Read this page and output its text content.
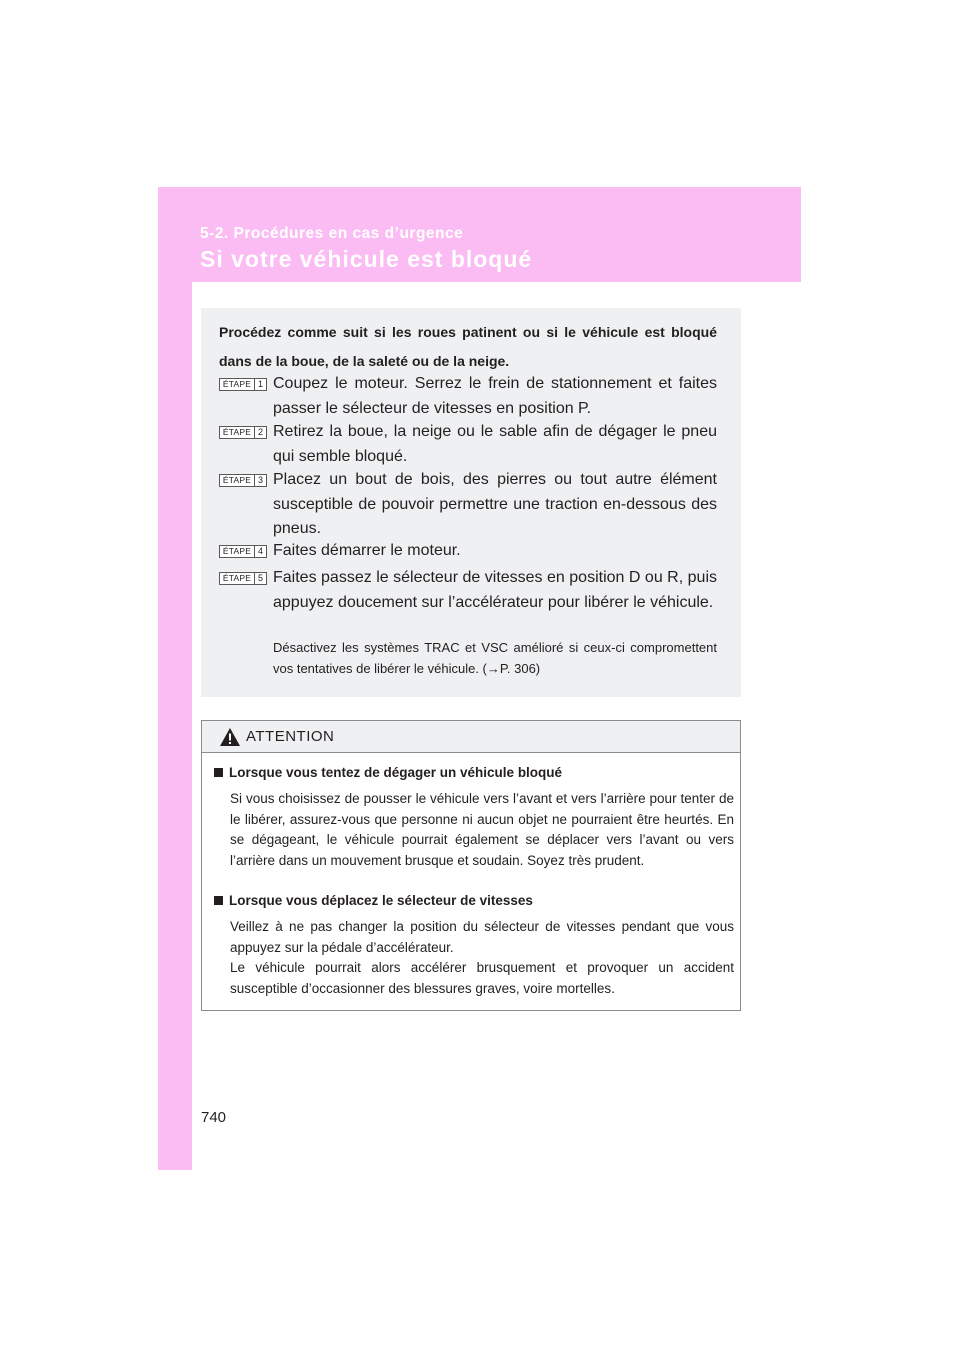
5-2. Procédures en cas d’urgence
Si votre véhicule est bloqué
Procédez comme suit si les roues patinent ou si le véhicule est bloqué dans de la boue, de la saleté ou de la neige.
ÉTAPE 1 Coupez le moteur. Serrez le frein de stationnement et faites passer le sélecteur de vitesses en position P.
ÉTAPE 2 Retirez la boue, la neige ou le sable afin de dégager le pneu qui semble bloqué.
ÉTAPE 3 Placez un bout de bois, des pierres ou tout autre élément susceptible de pouvoir permettre une traction en-dessous des pneus.
ÉTAPE 4 Faites démarrer le moteur.
ÉTAPE 5 Faites passez le sélecteur de vitesses en position D ou R, puis appuyez doucement sur l’accélérateur pour libérer le véhicule.
Désactivez les systèmes TRAC et VSC amélioré si ceux-ci compromettent vos tentatives de libérer le véhicule. (→P. 306)
ATTENTION
Lorsque vous tentez de dégager un véhicule bloqué

Si vous choisissez de pousser le véhicule vers l’avant et vers l’arrière pour tenter de le libérer, assurez-vous que personne ni aucun objet ne pourraient être heurtés. En se dégageant, le véhicule pourrait également se déplacer vers l’avant ou vers l’arrière dans un mouvement brusque et soudain. Soyez très prudent.

Lorsque vous déplacez le sélecteur de vitesses

Veillez à ne pas changer la position du sélecteur de vitesses pendant que vous appuyez sur la pédale d’accélérateur.

Le véhicule pourrait alors accélérer brusquement et provoquer un accident susceptible d’occasionner des blessures graves, voire mortelles.

740
